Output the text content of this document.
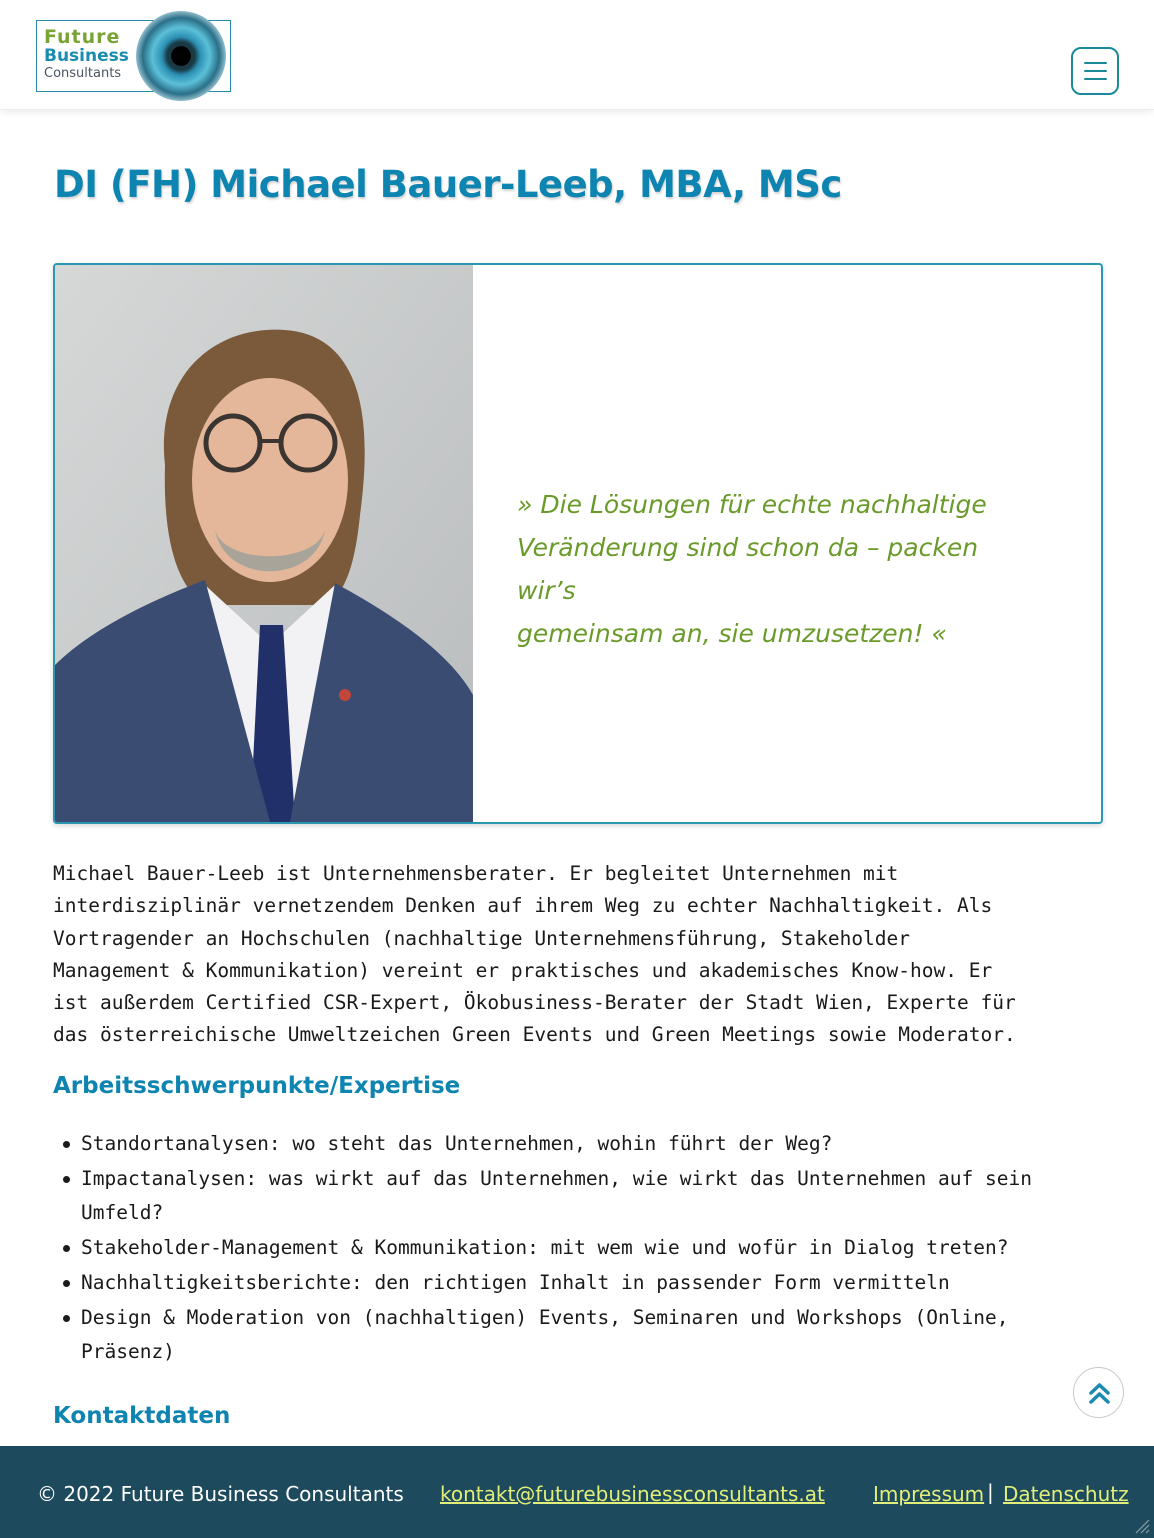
Future
Business
Consultants
DI (FH) Michael Bauer-Leeb, MBA, MSc
» Die Lösungen für echte nachhaltige
Veränderung sind schon da – packen wir’s
gemeinsam an, sie umzusetzen! «
Michael Bauer-Leeb ist Unternehmensberater. Er begleitet Unternehmen mit
interdisziplinär vernetzendem Denken auf ihrem Weg zu echter Nachhaltigkeit. Als
Vortragender an Hochschulen (nachhaltige Unternehmensführung, Stakeholder
Management & Kommunikation) vereint er praktisches und akademisches Know-how. Er
ist außerdem Certified CSR-Expert, Ökobusiness-Berater der Stadt Wien, Experte für
das österreichische Umweltzeichen Green Events und Green Meetings sowie Moderator.
Arbeitsschwerpunkte/Expertise
Standortanalysen: wo steht das Unternehmen, wohin führt der Weg?
Impactanalysen: was wirkt auf das Unternehmen, wie wirkt das Unternehmen auf sein
Umfeld?
Stakeholder-Management & Kommunikation: mit wem wie und wofür in Dialog treten?
Nachhaltigkeitsberichte: den richtigen Inhalt in passender Form vermitteln
Design & Moderation von (nachhaltigen) Events, Seminaren und Workshops (Online,
Präsenz)
Kontaktdaten
© 2022 Future Business Consultants kontakt@futurebusinessconsultants.at Impressum | Datenschutz
